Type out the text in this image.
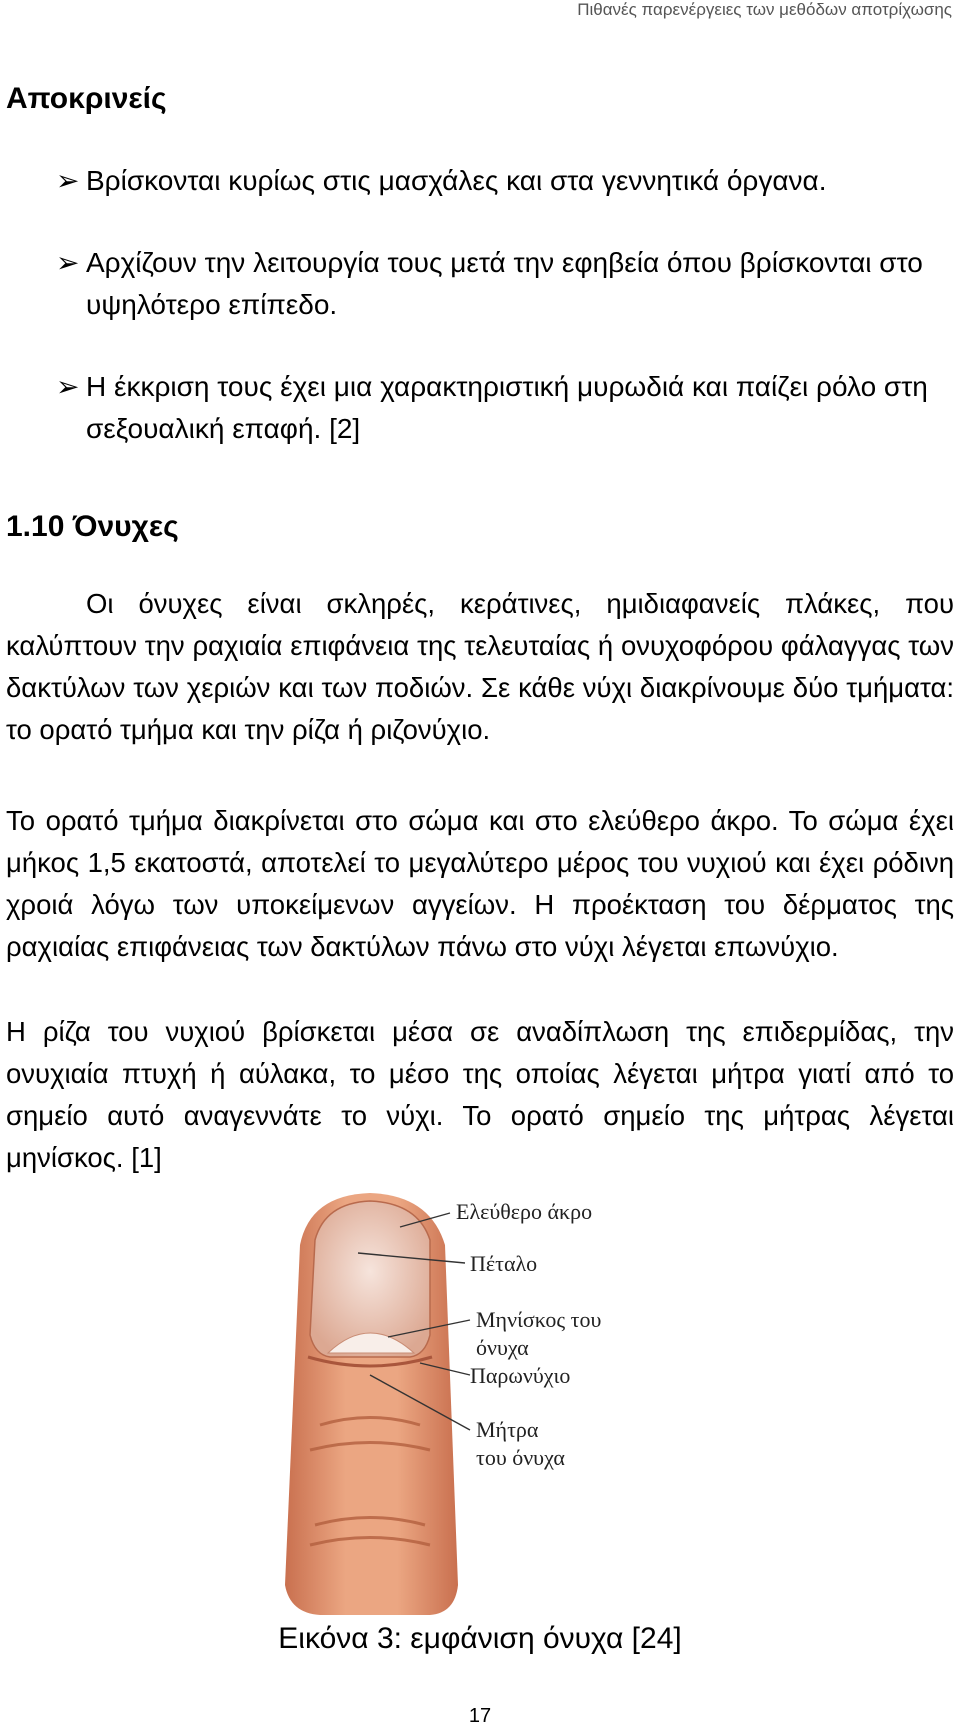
Πιθανές παρενέργειες των μεθόδων αποτρίχωσης
Αποκρινείς
➢ Βρίσκονται κυρίως στις μασχάλες και στα γεννητικά όργανα.
➢ Αρχίζουν την λειτουργία τους μετά την εφηβεία όπου βρίσκονται στο υψηλότερο επίπεδο.
➢ Η έκκριση τους έχει μια χαρακτηριστική μυρωδιά και παίζει ρόλο στη σεξουαλική επαφή. [2]
1.10 Όνυχες

Οι όνυχες είναι σκληρές, κεράτινες, ημιδιαφανείς πλάκες, που καλύπτουν την ραχιαία επιφάνεια της τελευταίας ή ονυχοφόρου φάλαγγας των δακτύλων των χεριών και των ποδιών. Σε κάθε νύχι διακρίνουμε δύο τμήματα: το ορατό τμήμα και την ρίζα ή ριζονύχιο.

Το ορατό τμήμα διακρίνεται στο σώμα και στο ελεύθερο άκρο. Το σώμα έχει μήκος 1,5 εκατοστά, αποτελεί το μεγαλύτερο μέρος του νυχιού και έχει ρόδινη χροιά λόγω των υποκείμενων αγγείων. Η προέκταση του δέρματος της ραχιαίας επιφάνειας των δακτύλων πάνω στο νύχι λέγεται επωνύχιο.

Η ρίζα του νυχιού βρίσκεται μέσα σε αναδίπλωση της επιδερμίδας, την ονυχιαία πτυχή ή αύλακα, το μέσο της οποίας λέγεται μήτρα γιατί από το σημείο αυτό αναγεννάτε το νύχι. Το ορατό σημείο της μήτρας λέγεται μηνίσκος. [1]

Ελεύθερο άκρο
Πέταλο
Μηνίσκος του
όνυχα
Παρωνύχιο
Μήτρα
του όνυχα
Εικόνα 3: εμφάνιση όνυχα [24]
17
